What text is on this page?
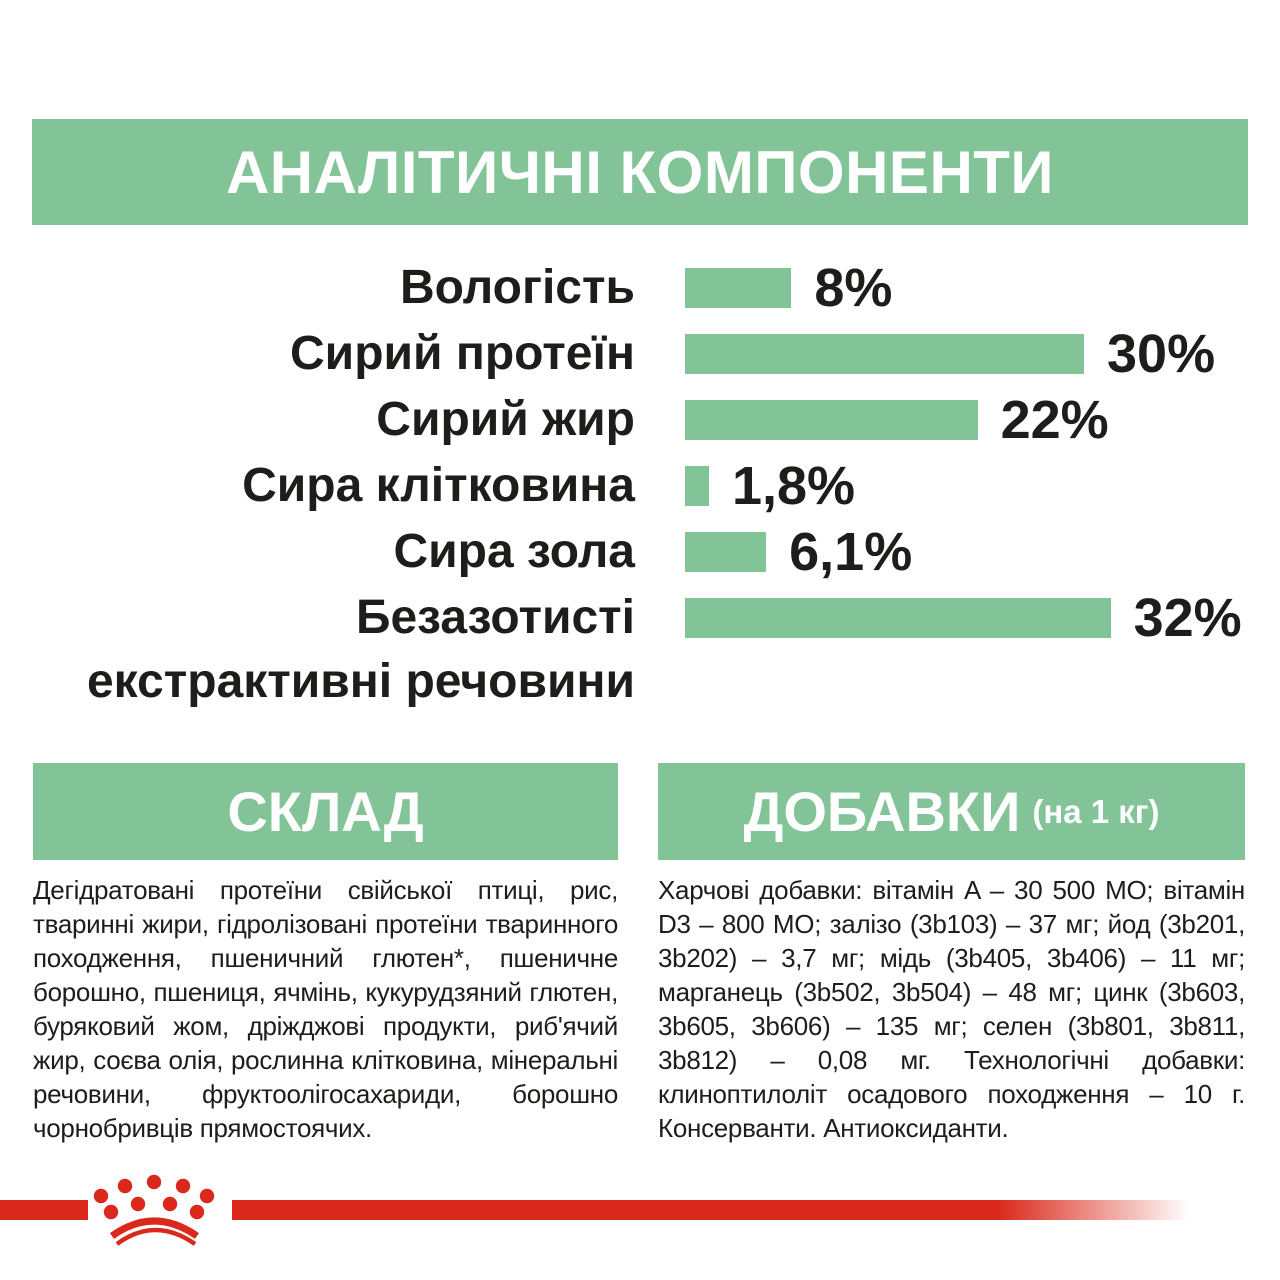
АНАЛІТИЧНІ КОМПОНЕНТИ
Вологість	8%
Сирий протеїн	30%
Сирий жир	22%
Сира клітковина	1,8%
Сира зола	6,1%
Безазотисті	32%
екстрактивні речовини
СКЛАД
Дегідратовані протеїни свійської птиці, рис, тваринні жири, гідролізовані протеїни тваринного походження, пшеничний глютен*, пшеничне борошно, пшениця, ячмінь, кукурудзяний глютен, буряковий жом, дріжджові продукти, риб'ячий жир, соєва олія, рослинна клітковина, мінеральні речовини, фруктоолігосахариди, борошно чорнобривців прямостоячих.
ДОБАВКИ (на 1 кг)
Харчові добавки: вітамін A – 30 500 МО; вітамін D3 – 800 МО; залізо (3b103) – 37 мг; йод (3b201, 3b202) – 3,7 мг; мідь (3b405, 3b406) – 11 мг; марганець (3b502, 3b504) – 48 мг; цинк (3b603, 3b605, 3b606) – 135 мг; селен (3b801, 3b811, 3b812) – 0,08 мг. Технологічні добавки: клиноптилоліт осадового походження – 10 г. Консерванти. Антиоксиданти.
